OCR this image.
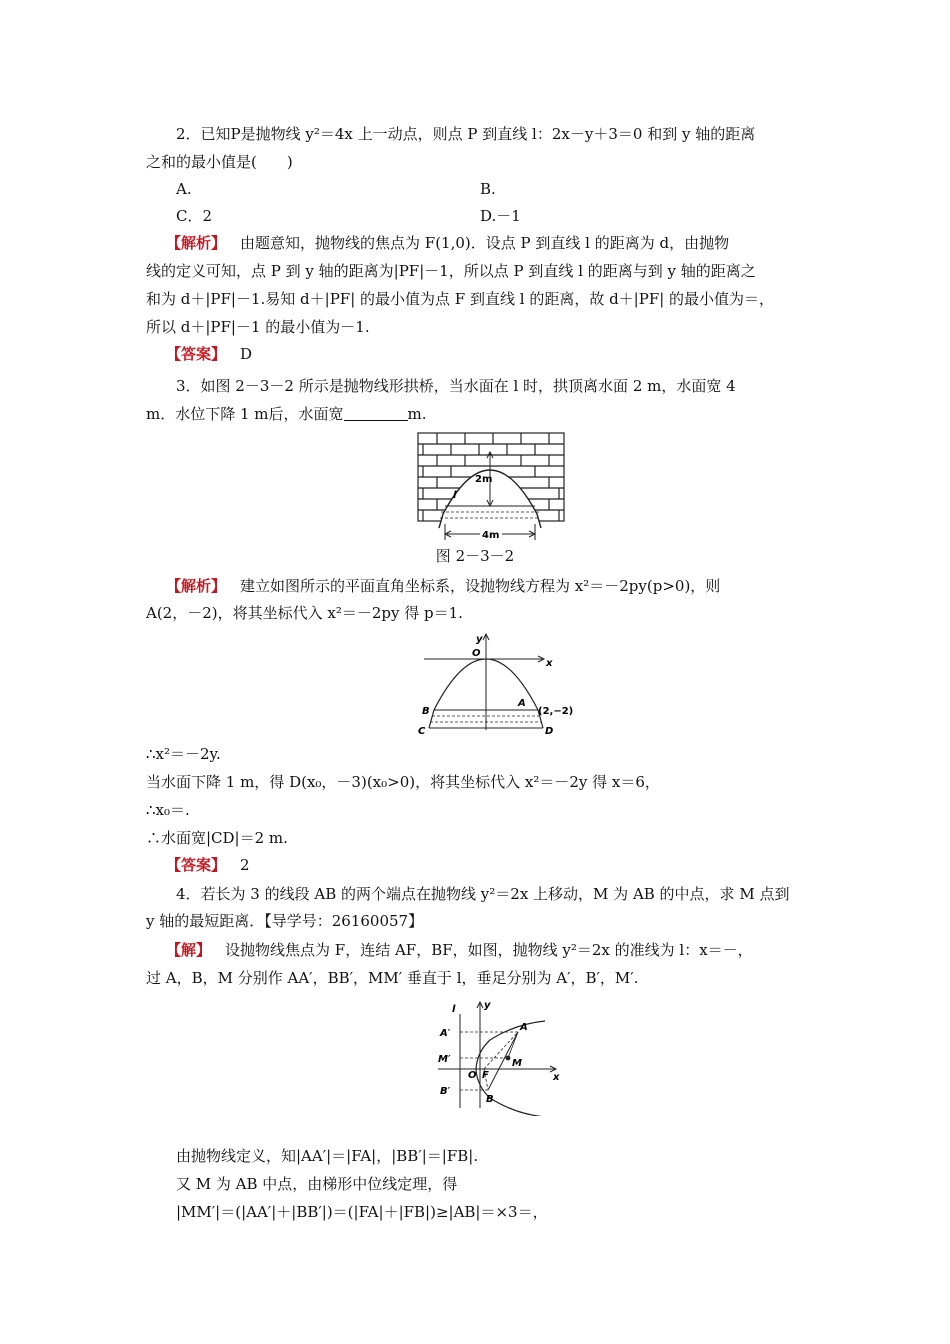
2．已知P是抛物线 y²＝4x 上一动点，则点 P 到直线 l：2x－y＋3＝0 和到 y 轴的距离
之和的最小值是(　　)
A.	B.
C．2	D.－1
【解析】 由题意知，抛物线的焦点为 F(1,0)．设点 P 到直线 l 的距离为 d，由抛物
线的定义可知，点 P 到 y 轴的距离为|PF|－1，所以点 P 到直线 l 的距离与到 y 轴的距离之
和为 d＋|PF|－1.易知 d＋|PF| 的最小值为点 F 到直线 l 的距离，故 d＋|PF| 的最小值为＝，
所以 d＋|PF|－1 的最小值为－1.
【答案】 D
3．如图 2－3－2 所示是抛物线形拱桥，当水面在 l 时，拱顶离水面 2 m，水面宽 4
m．水位下降 1 m后，水面宽	m.
2m
l
4m
图 2－3－2
【解析】 建立如图所示的平面直角坐标系，设抛物线方程为 x²＝－2py(p>0)，则
A(2，－2)，将其坐标代入 x²＝－2py 得 p＝1.
y
x
O
B
A
(2,−2)
C	D
∴x²＝－2y.
当水面下降 1 m，得 D(x₀，－3)(x₀>0)，将其坐标代入 x²＝－2y 得 x＝6，
∴x₀＝.
∴水面宽|CD|＝2 m.
【答案】 2
4．若长为 3 的线段 AB 的两个端点在抛物线 y²＝2x 上移动，M 为 AB 的中点，求 M 点到
y 轴的最短距离．【导学号：26160057】
【解】 设抛物线焦点为 F，连结 AF，BF，如图，抛物线 y²＝2x 的准线为 l：x＝－，
过 A，B，M 分别作 AA′，BB′，MM′ 垂直于 l，垂足分别为 A′，B′，M′.
l	y
x
A
A′
M
M′
O F
B
B′
由抛物线定义，知|AA′|＝|FA|，|BB′|＝|FB|.
又 M 为 AB 中点，由梯形中位线定理，得
|MM′|＝(|AA′|＋|BB′|)＝(|FA|＋|FB|)≥|AB|＝×3＝，
